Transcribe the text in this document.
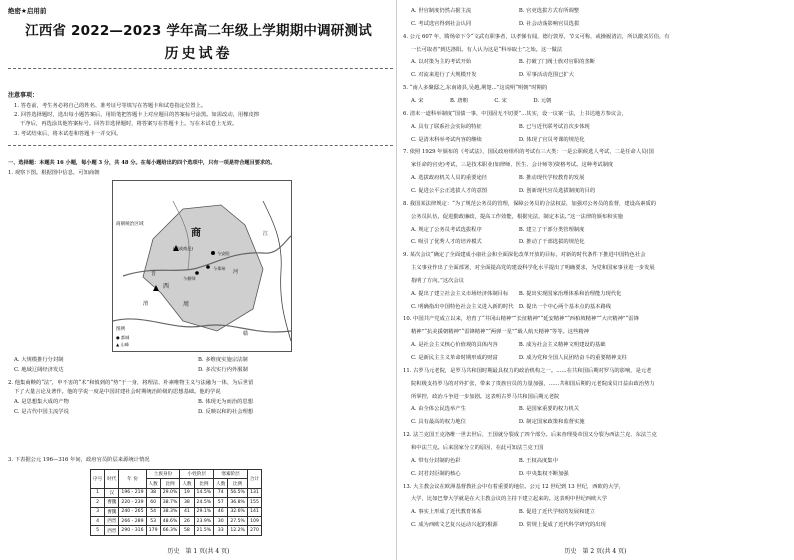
绝密★启用前
江西省 2022—2023 学年高二年级上学期期中调研测试
历史试卷
注意事项：
1. 答卷前，考生务必将自己的姓名、准考证号等填写在答题卡和试卷指定位置上。
2. 回答选择题时，选出每小题答案后，用铅笔把答题卡上对应题目的答案标号涂黑。如需改动，用橡皮擦
干净后，再选涂其他答案标号。回答非选择题时，将答案写在答题卡上。写在本试卷上无效。
3. 考试结束后，将本试卷和答题卡一并交回。
一、选择题：本题共 16 小题，每小题 3 分，共 48 分。在每小题给出的四个选项中，只有一项是符合题目要求的。
1. 观察下图。根据图中信息，可知商朝
商朝统治区域
商
(殷或商邑)
今安阳
今郑州
今偃师
西
晋
渭	周
赣
江
河
图例
● 都城
▲ 山峰
A. 大规模推行分封制	B. 多维度实施宗法制
C. 地域辽阔经济发达	D. 多次实行内外服制
2. 他集商鞅的“法”，申不害的“术”和慎到的“势”于一身，将理法、朴素唯物主义与法融为一体，为后世留
下了大量言论及著作。他的学说一度是中国封建社会时期统治阶级的思想基础。他的学说
A. 是思想集大成的产物	B. 体现无为而治的思想
C. 是古代中国主流学说	D. 反映以和的社会理想
3. 下表据公元 196—316 年间，政府官员阶层来源统计情况
序号	时代	年 份	士族身份		小姓阶层		寒素阶层		合计
			人数	比例	人数	比例	人数	比例	
1	汉	196 - 219	38	29.0%	19	14.5%	74	56.5%	131
2	曹魏	220 - 239	60	38.7%	38	24.5%	57	36.8%	155
3	曹魏	240 - 265	54	38.3%	41	29.1%	46	32.6%	141
4	西晋	266 - 289	53	48.6%	26	23.9%	30	27.5%	109
5	西晋	290 - 316	179	66.3%	58	21.5%	33	12.2%	270
历史　第 1 页(共 4 页)
A. 世官制度仍然占据主流　　　　　　　　　B. 官吏选拔方式有所调整
C. 考试选官得到社会认同　　　　　　　　　D. 社会动荡影响官员选拔
4. 公元 607 年，隋炀帝下令“文武有职事者，以孝悌有闻，德行敦厚，节义可称，或操履清洁，所以激贪厉俗，有
一长可取者”到达洛阳。有人认为这是“科举取士”之始。这一做法
A. 以对策为主的考试开始　　　　　　　　　B. 打破了门阀士族对官职的垄断
C. 对流来进行了大规模开发　　　　　　　　D. 军事活动范围已扩大
5. “南人多聚邸之,东南诸县,吴越,荆楚...”这说明“明朝”时期的
A. 宋　　　　　B. 唐朝　　　　　C. 宋　　　　　D. 元朝
6. 清末一道科举制度“国债一事，中国固无不切要”...其实，设一议案一法，上书达地方参议会，
A. 具有了联系社会实际的特征　　　　　　　B. 已与近代联考试首次步体现
C. 是清末科举考试内容的继续　　　　　　　D. 体现了官员考课的规范化
7. 依照 1929 年颁布的《考试法》，国民政府组织的考试有三大类：一是公职候选人考试，二是任命人员(国
家任命的官吏)考试，三是技术职业(如律师、医生、会计师等)资格考试。这种考试制度
A. 选拔政府机关人员的重要途径　　　　　　B. 推动现代学校教育的发展
C. 促进公平公正选拔人才的意图　　　　　　D. 创新现代官员选拔制度的目的
8. 我国某法律规定：“为了规范公务员的管理，保障公务员的合法权益，加强对公务员的监督，建设高素质的
公务员队伍，促进勤政廉政，提高工作效能，根据宪法，制定本法。”这一法律的颁布和实施
A. 规定了公务员考试选拔程序　　　　　　　B. 建立了干部分类管理制度
C. 吸引了优秀人才的培养模式　　　　　　　D. 推动了干部选拔的规范化
9. 某次会议“确定了全面建成小康社会和全面深化改革开放的目标，对新的时代条件下推进中国特色社会
主义事业作出了全面部署，对全面提高党的建设科学化水平提出了明确要求，为党和国家事业进一步发展
指明了方向。”这次会议
A. 提出了建立社会主义市场经济体制目标　　B. 提出实现国家治理体系和治理能力现代化
C. 明确指出中国特色社会主义进入新的时代　D. 提出一个中心两个基本点的基本路线
10. 中国共产党成立以来，培育了“井冈山精神”“长征精神”“延安精神”“西柏坡精神”“大庆精神”“雷锋
精神”“抗美援朝精神”“雷锋精神”“两弹一星”“载人航天精神”等等。这些精神
A. 是社会主义核心价值观的具体内容　　　　B. 成为社会主义精神文明建设的基础
C. 是新民主主义革命时期形成的财富　　　　D. 成为党和全国人民团结奋斗的重要精神支柱
11. 古罗马元老院，是罗马共和国时期最具权力的政治机构之一。……在共和国后期对罗马的影响，是元老
院积极支持罗马的对外扩张，带来了贵族官员的力量加强，……共和国后期的元老院成员日益由政治势力
所掌控，政治斗争进一步加剧。这表明古罗马共和国后期元老院
A. 由全体公民选举产生　　　　　　　　　　B. 是国家重要的权力机关
C. 具有最高的权力地位　　　　　　　　　　D. 制定国家政策和监督实施
12. 法兰克国王克洛维一世去世后，王国就分裂成了四个部分。后来查理曼帝国又分裂为西法兰克、东法兰克
和中法兰克。后来国家分立的原因，在此可知法兰克王国
A. 带有分封制的色彩　　　　　　　　　　　B. 王权高度集中
C. 封君封臣制的核心　　　　　　　　　　　D. 中央集权不断加强
13. 大主教会议在欧洲基督教社会中有着重要的地位。公元 12 世纪到 13 世纪，西欧的大学，
大学，比如巴黎大学就是在大主教会议的主持下建立起来的。这表明中世纪西欧大学
A. 事实上形成了近代教育体系　　　　　　　B. 促进了近代学校的发展和建立
C. 成为西欧文艺复兴运动兴起的根源　　　　D. 常规上促成了近代科学研究的出现
历史　第 2 页(共 4 页)
